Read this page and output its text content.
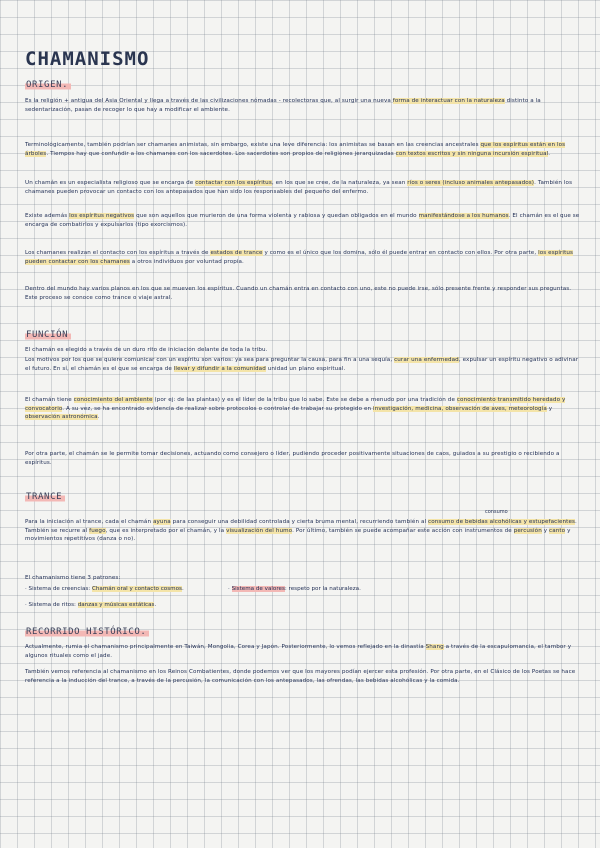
CHAMANISMO
ORIGEN.

Es la religión + antigua del Asia Oriental y llega a través de las civilizaciones nómadas - recolectoras que, al surgir una nueva forma de interactuar con la naturaleza distinto a la sedentarización, pasan de recoger lo que hay a modificar el ambiente.

Terminológicamente, también podrían ser chamanes animistas, sin embargo, existe una leve diferencia: los animistas se basan en las creencias ancestrales que los espíritus están en los árboles. Tiempos hay que confundir a los chamanes con los sacerdotes. Los sacerdotes son propios de religiones jerarquizadas con textos escritos y sin ninguna incursión espiritual.

Un chamán es un especialista religioso que se encarga de contactar con los espíritus, en los que se cree, de la naturaleza, ya sean ríos o seres (incluso animales antepasados). También los chamanes pueden provocar un contacto con los antepasados que han sido los responsables del pequeño del enfermo.

Existe además los espíritus negativos que son aquellos que murieron de una forma violenta y rabiosa y quedan obligados en el mundo manifestándose a los humanos. El chamán es el que se encarga de combatirlos y expulsarlos (tipo exorcismos).

Los chamanes realizan el contacto con los espíritus a través de estados de trance y como es el único que los domina, sólo él puede entrar en contacto con ellos. Por otra parte, los espíritus pueden contactar con los chamanes a otros individuos por voluntad propia.

Dentro del mundo hay varios planos en los que se mueven los espíritus. Cuando un chamán entra en contacto con uno, este no puede irse, sólo presente frente y responder sus preguntas. Este proceso se conoce como trance o viaje astral.

FUNCIÓN

El chamán es elegido a través de un duro rito de iniciación delante de toda la tribu.

Los motivos por los que se quiere comunicar con un espíritu son varios: ya sea para preguntar la causa, para fin a una sequía, curar una enfermedad, expulsar un espíritu negativo o adivinar el futuro. En sí, el chamán es el que se encarga de llevar y difundir a la comunidad unidad un plano espiritual.

El chamán tiene conocimiento del ambiente (por ej: de las plantas) y es el líder de la tribu que lo sabe. Este se debe a menudo por una tradición de conocimiento transmitido heredado y convocatorio. A su vez, se ha encontrado evidencia de realizar sobre protocolos o controlar de trabajar su protegido en investigación, medicina, observación de aves, meteorología y observación astronómica.

Por otra parte, el chamán se le permite tomar decisiones, actuando como consejero o líder, pudiendo proceder positivamente situaciones de caos, guiados a su prestigio o recibiendo a espíritus.

TRANCE
consumo

Para la iniciación al trance, cada el chamán ayuna para conseguir una debilidad controlada y cierta bruma mental, recurriendo también al consumo de bebidas alcohólicas y estupefacientes. También se recurre al fuego, que es interpretado por el chamán, y la visualización del humo. Por último, también se puede acompañar este acción con instrumentos de percusión y canto y movimientos repetitivos (danza o no).

El chamanismo tiene 3 patrones:

· Sistema de creencias: Chamán oral y contacto cosmos.	· Sistema de valores: respeto por la naturaleza.
· Sistema de ritos: danzas y músicas extáticas.
RECORRIDO HISTÓRICO.

Actualmente, rumia el chamanismo principalmente en Taiwán, Mongolia, Corea y Japón. Posteriormente, lo vemos reflejado en la dinastía Shang a través de la escapulomancia, el tambor y algunos rituales como el jade.

También vemos referencia al chamanismo en los Reinos Combatientes, donde podemos ver que los mayores podían ejercer esta profesión. Por otra parte, en el Clásico de los Poetas se hace referencia a la inducción del trance, a través de la percusión, la comunicación con los antepasados, las ofrendas, las bebidas alcohólicas y la comida.
